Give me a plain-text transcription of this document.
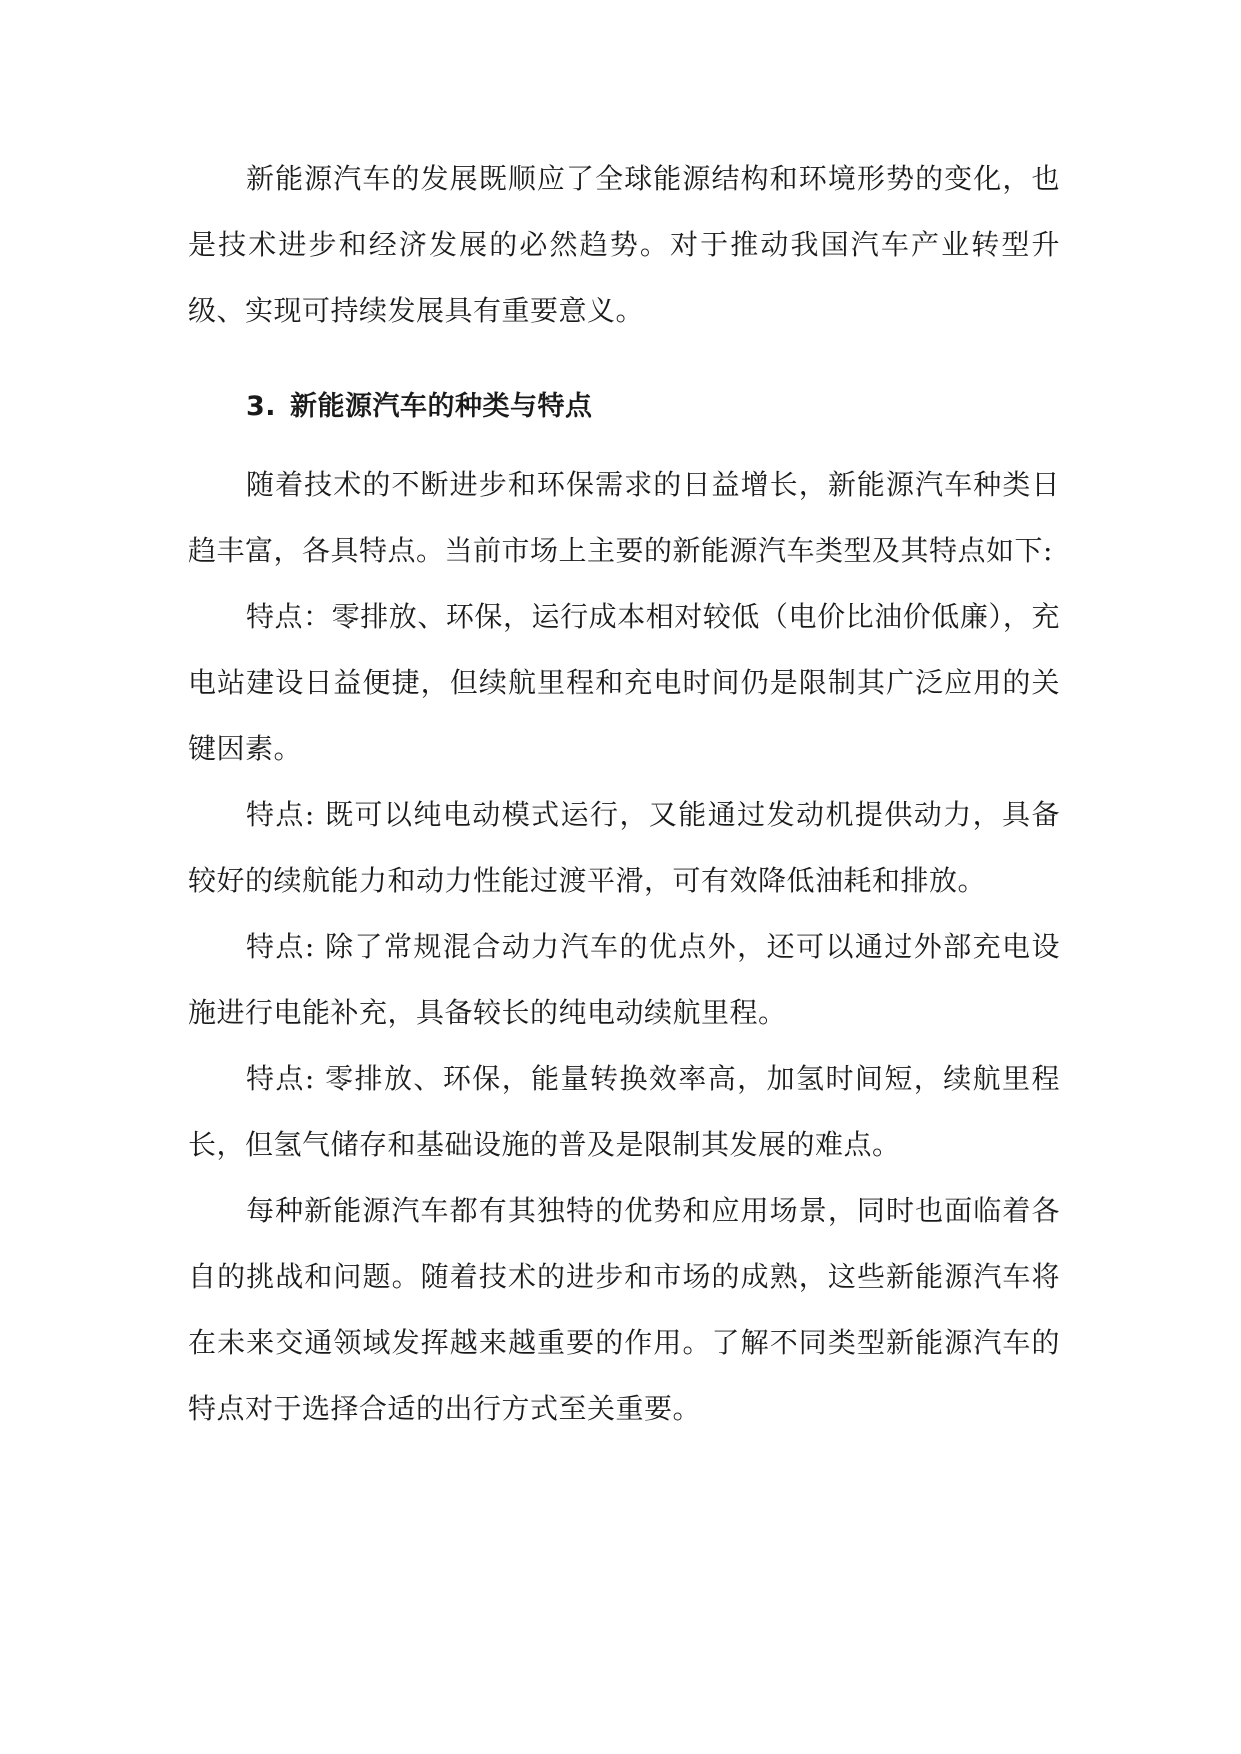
新能源汽车的发展既顺应了全球能源结构和环境形势的变化，也是技术进步和经济发展的必然趋势。对于推动我国汽车产业转型升级、实现可持续发展具有重要意义。

3. 新能源汽车的种类与特点

随着技术的不断进步和环保需求的日益增长，新能源汽车种类日趋丰富，各具特点。当前市场上主要的新能源汽车类型及其特点如下:

特点：零排放、环保，运行成本相对较低（电价比油价低廉），充电站建设日益便捷，但续航里程和充电时间仍是限制其广泛应用的关键因素。

特点: 既可以纯电动模式运行，又能通过发动机提供动力，具备较好的续航能力和动力性能过渡平滑，可有效降低油耗和排放。

特点: 除了常规混合动力汽车的优点外，还可以通过外部充电设施进行电能补充，具备较长的纯电动续航里程。

特点: 零排放、环保，能量转换效率高，加氢时间短，续航里程长，但氢气储存和基础设施的普及是限制其发展的难点。

每种新能源汽车都有其独特的优势和应用场景，同时也面临着各自的挑战和问题。随着技术的进步和市场的成熟，这些新能源汽车将在未来交通领域发挥越来越重要的作用。了解不同类型新能源汽车的特点对于选择合适的出行方式至关重要。
